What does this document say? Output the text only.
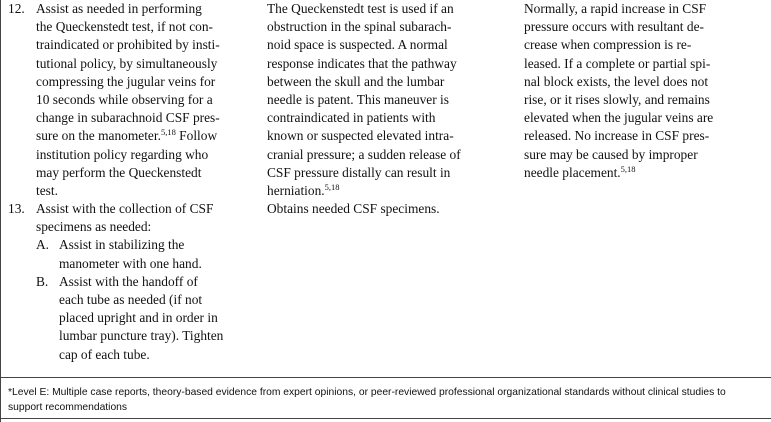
12. Assist as needed in performing
the Queckenstedt test, if not con-
traindicated or prohibited by insti-
tutional policy, by simultaneously
compressing the jugular veins for
10 seconds while observing for a
change in subarachnoid CSF pres-
sure on the manometer.$^{5,18}$ Follow
institution policy regarding who
may perform the Queckenstedt
test.
13. Assist with the collection of CSF
specimens as needed:
A. Assist in stabilizing the
manometer with one hand.
B. Assist with the handoff of
each tube as needed (if not
placed upright and in order in
lumbar puncture tray). Tighten
cap of each tube.
The Queckenstedt test is used if an
obstruction in the spinal subarach-
noid space is suspected. A normal
response indicates that the pathway
between the skull and the lumbar
needle is patent. This maneuver is
contraindicated in patients with
known or suspected elevated intra-
cranial pressure; a sudden release of
CSF pressure distally can result in
herniation.$^{5,18}$
Obtains needed CSF specimens.
Normally, a rapid increase in CSF
pressure occurs with resultant de-
crease when compression is re-
leased. If a complete or partial spi-
nal block exists, the level does not
rise, or it rises slowly, and remains
elevated when the jugular veins are
released. No increase in CSF pres-
sure may be caused by improper
needle placement.$^{5,18}$
*Level E: Multiple case reports, theory-based evidence from expert opinions, or peer-reviewed professional organizational standards without clinical studies to
support recommendations
